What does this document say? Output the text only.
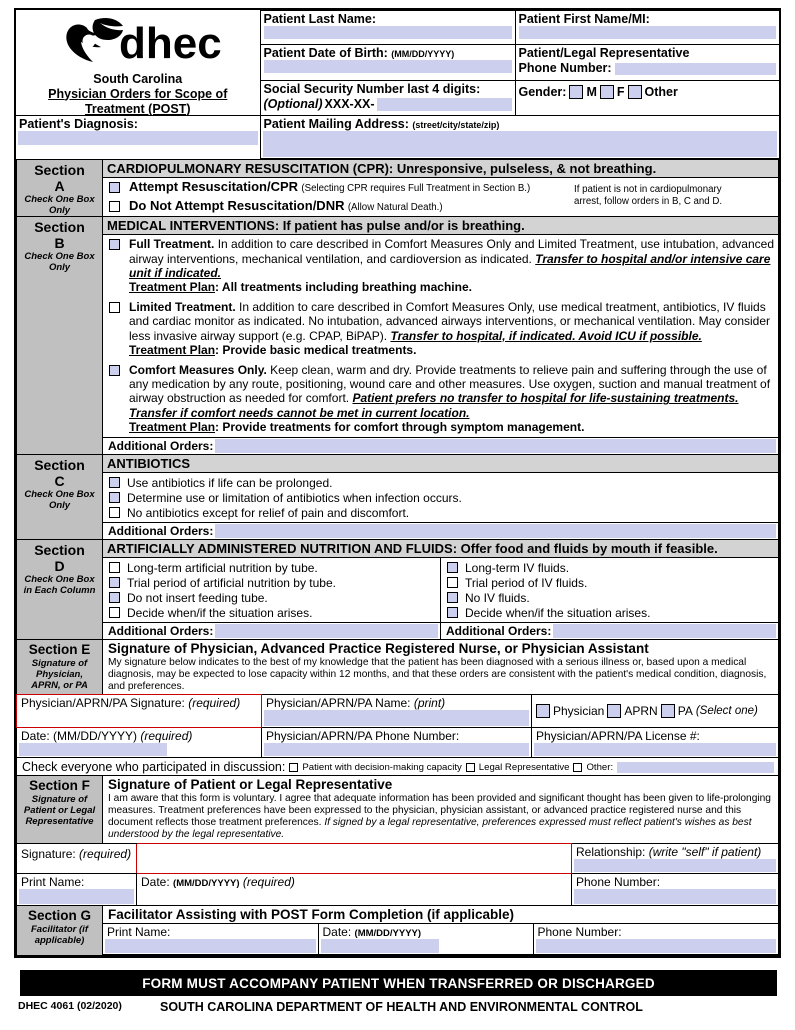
dhec
South Carolina
Physician Orders for Scope of
Treatment (POST)	Patient Last Name:	Patient First Name/MI:

	Patient Date of Birth: (MM/DD/YYYY)	Patient/Legal Representative
Phone Number:

Social Security Number last 4 digits:
(Optional) XXX-XX-

Gender: M F Other

Patient's Diagnosis:	Patient Mailing Address: (street/city/state/zip)
Section
A
Check One Box
Only

CARDIOPULMONARY RESUSCITATION (CPR): Unresponsive, pulseless, & not breathing.
Attempt Resuscitation/CPR (Selecting CPR requires Full Treatment in Section B.)
Do Not Attempt Resuscitation/DNR (Allow Natural Death.)
If patient is not in cardiopulmonary
arrest, follow orders in B, C and D.
Section
B
Check One Box
Only

MEDICAL INTERVENTIONS: If patient has pulse and/or is breathing.
Full Treatment. In addition to care described in Comfort Measures Only and Limited Treatment, use intubation, advanced airway interventions, mechanical ventilation, and cardioversion as indicated. Transfer to hospital and/or intensive care unit if indicated.
Treatment Plan: All treatments including breathing machine.
Limited Treatment. In addition to care described in Comfort Measures Only, use medical treatment, antibiotics, IV fluids and cardiac monitor as indicated. No intubation, advanced airways interventions, or mechanical ventilation. May consider less invasive airway support (e.g. CPAP, BiPAP). Transfer to hospital, if indicated. Avoid ICU if possible.
Treatment Plan: Provide basic medical treatments.
Comfort Measures Only. Keep clean, warm and dry. Provide treatments to relieve pain and suffering through the use of any medication by any route, positioning, wound care and other measures. Use oxygen, suction and manual treatment of airway obstruction as needed for comfort. Patient prefers no transfer to hospital for life-sustaining treatments. Transfer if comfort needs cannot be met in current location.
Treatment Plan: Provide treatments for comfort through symptom management.
Additional Orders:
Section
C
Check One Box
Only

ANTIBIOTICS
Use antibiotics if life can be prolonged.
Determine use or limitation of antibiotics when infection occurs.
No antibiotics except for relief of pain and discomfort.
Additional Orders:
Section
D
Check One Box
in Each Column

ARTIFICIALLY ADMINISTERED NUTRITION AND FLUIDS: Offer food and fluids by mouth if feasible.
Long-term artificial nutrition by tube.
Trial period of artificial nutrition by tube.
Do not insert feeding tube.
Decide when/if the situation arises.
Additional Orders:
Long-term IV fluids.
Trial period of IV fluids.
No IV fluids.
Decide when/if the situation arises.
Additional Orders:
Section E
Signature of
Physician,
APRN, or PA

Signature of Physician, Advanced Practice Registered Nurse, or Physician Assistant
My signature below indicates to the best of my knowledge that the patient has been diagnosed with a serious illness or, based upon a medical diagnosis, may be expected to lose capacity within 12 months, and that these orders are consistent with the patient's medical condition, diagnosis, and preferences.
Physician/APRN/PA Signature: (required)	Physician/APRN/PA Name: (print)	Physician APRN PA (Select one)

Date: (MM/DD/YYYY) (required)	Physician/APRN/PA Phone Number:	Physician/APRN/PA License #:

Check everyone who participated in discussion: Patient with decision-making capacity Legal Representative Other:		
Section F
Signature of
Patient or Legal
Representative

Signature of Patient or Legal Representative
I am aware that this form is voluntary. I agree that adequate information has been provided and significant thought has been given to life-prolonging measures. Treatment preferences have been expressed to the physician, physician assistant, or advanced practice registered nurse and this document reflects those treatment preferences. If signed by a legal representative, preferences expressed must reflect patient's wishes as best understood by the legal representative.
Signature: (required)		Relationship: (write "self" if patient)

Print Name:	Date: (MM/DD/YYYY) (required)	Phone Number:
Section G
Facilitator (if
applicable)

Facilitator Assisting with POST Form Completion (if applicable)
Print Name:	Date: (MM/DD/YYYY)	Phone Number:
FORM MUST ACCOMPANY PATIENT WHEN TRANSFERRED OR DISCHARGED
DHEC 4061 (02/2020)	SOUTH CAROLINA DEPARTMENT OF HEALTH AND ENVIRONMENTAL CONTROL
